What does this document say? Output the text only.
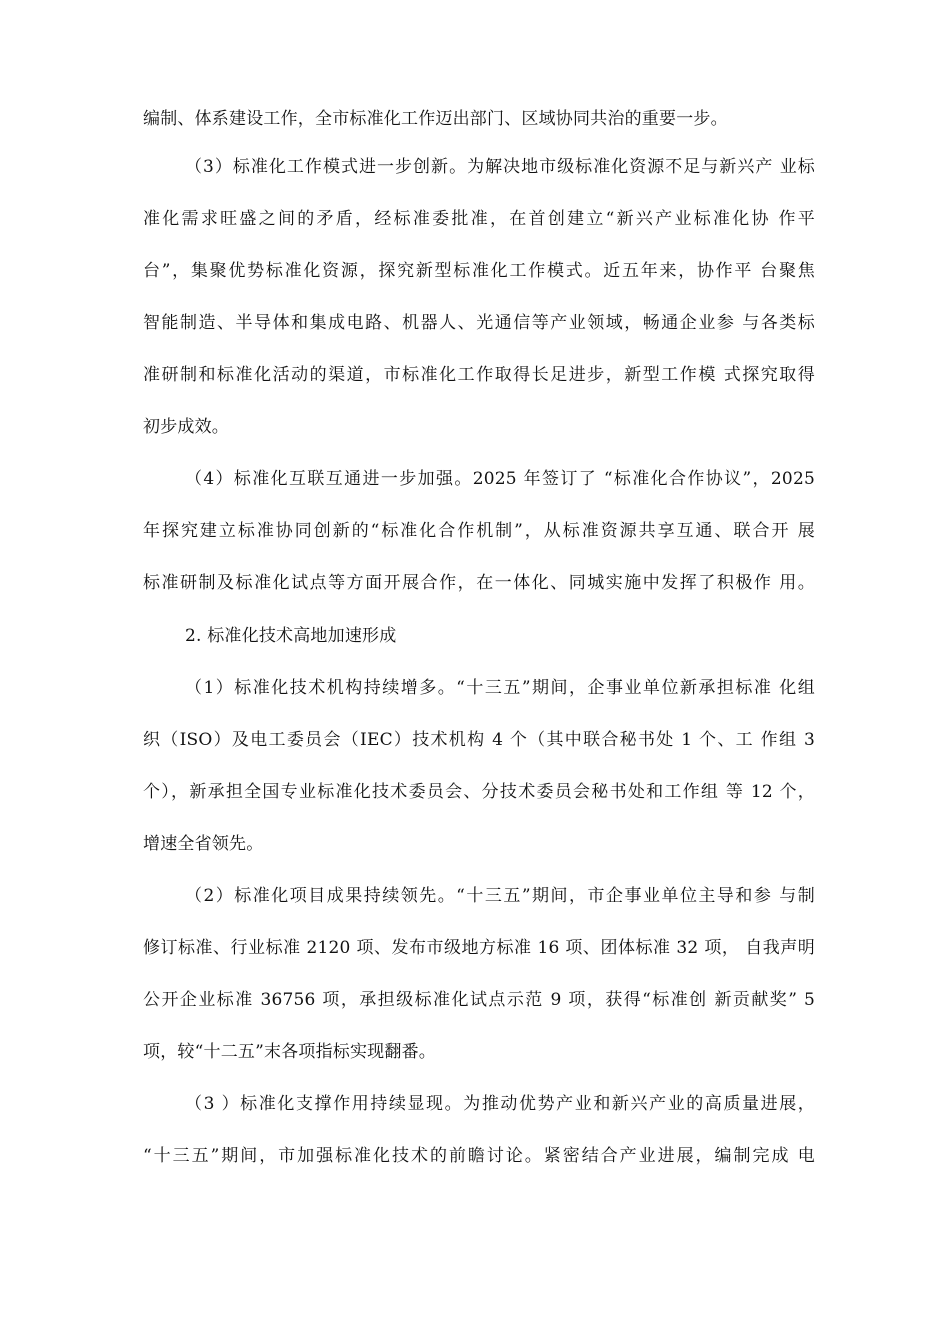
编制、体系建设工作，全市标准化工作迈出部门、区域协同共治的重要一步。
（3）标准化工作模式进一步创新。为解决地市级标准化资源不足与新兴产 业标
准化需求旺盛之间的矛盾，经标准委批准，在首创建立“新兴产业标准化协 作平
台”，集聚优势标准化资源，探究新型标准化工作模式。近五年来，协作平 台聚焦
智能制造、半导体和集成电路、机器人、光通信等产业领域，畅通企业参 与各类标
准研制和标准化活动的渠道，市标准化工作取得长足进步，新型工作模 式探究取得
初步成效。
（4）标准化互联互通进一步加强。2025 年签订了 “标准化合作协议”，2025
年探究建立标准协同创新的“标准化合作机制”，从标准资源共享互通、联合开 展
标准研制及标准化试点等方面开展合作，在一体化、同城实施中发挥了积极作 用。
2. 标准化技术高地加速形成
（1）标准化技术机构持续增多。“十三五”期间，企事业单位新承担标准 化组
织（ISO）及电工委员会（IEC）技术机构 4 个（其中联合秘书处 1 个、工 作组 3
个），新承担全国专业标准化技术委员会、分技术委员会秘书处和工作组 等 12 个，
增速全省领先。
（2）标准化项目成果持续领先。“十三五”期间，市企事业单位主导和参 与制
修订标准、行业标准 2120 项、发布市级地方标准 16 项、团体标准 32 项， 自我声明
公开企业标准 36756 项，承担级标准化试点示范 9 项，获得“标准创 新贡献奖” 5
项，较“十二五”末各项指标实现翻番。
（3 ）标准化支撑作用持续显现。为推动优势产业和新兴产业的高质量进展，
“十三五”期间，市加强标准化技术的前瞻讨论。紧密结合产业进展，编制完成 电
